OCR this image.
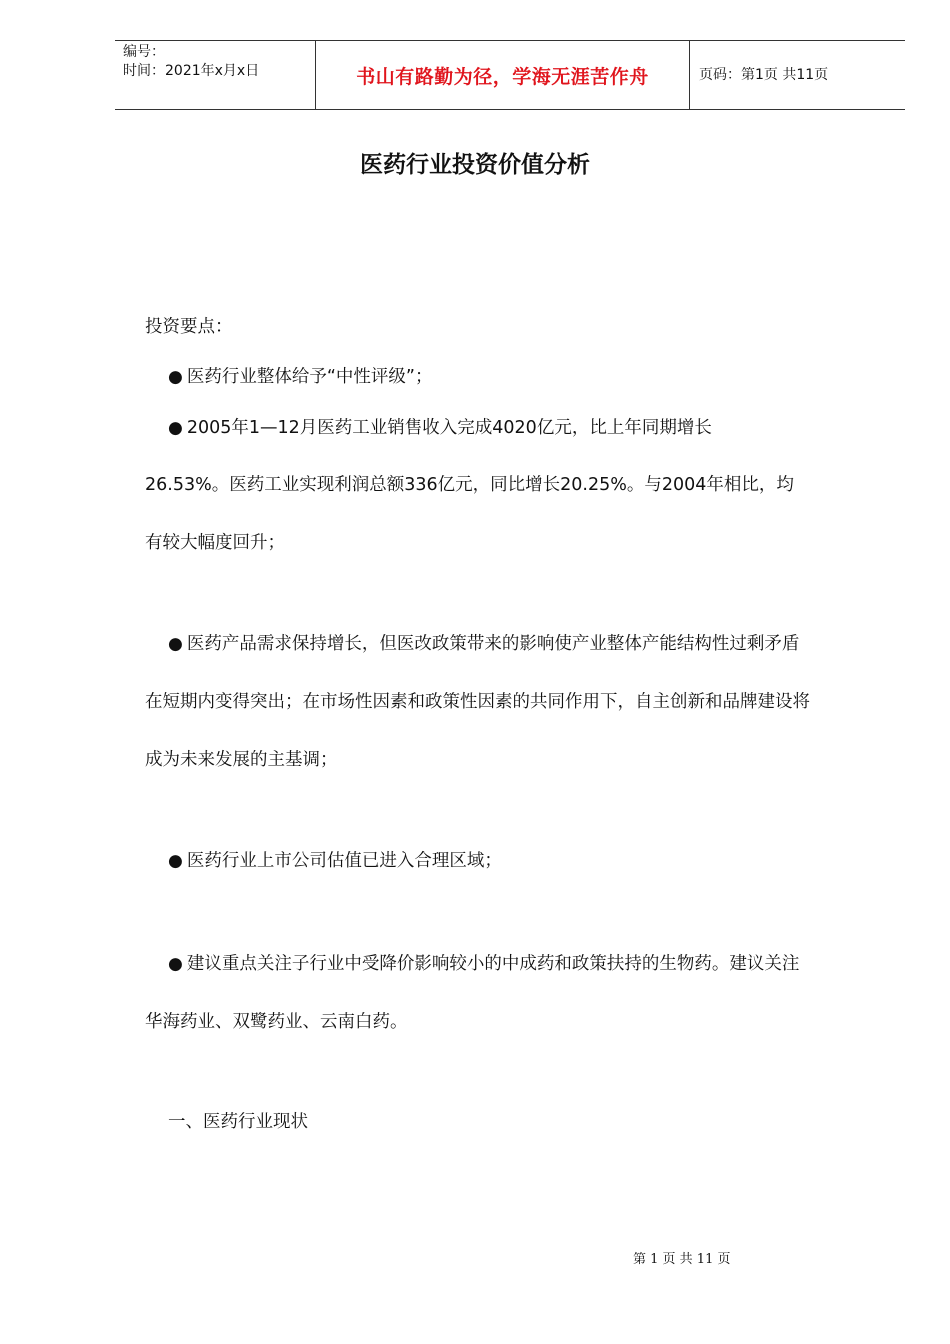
编号：
时间：2021年x月x日	书山有路勤为径，学海无涯苦作舟	页码：第1页 共11页
医药行业投资价值分析
投资要点：
● 医药行业整体给予“中性评级”；
● 2005年1—12月医药工业销售收入完成4020亿元，比上年同期增长
26.53%。医药工业实现利润总额336亿元，同比增长20.25%。与2004年相比，均
有较大幅度回升；
● 医药产品需求保持增长，但医改政策带来的影响使产业整体产能结构性过剩矛盾
在短期内变得突出；在市场性因素和政策性因素的共同作用下，自主创新和品牌建设将
成为未来发展的主基调；
● 医药行业上市公司估值已进入合理区域；
● 建议重点关注子行业中受降价影响较小的中成药和政策扶持的生物药。建议关注
华海药业、双鹭药业、云南白药。
一、医药行业现状
第 1 页 共 11 页
